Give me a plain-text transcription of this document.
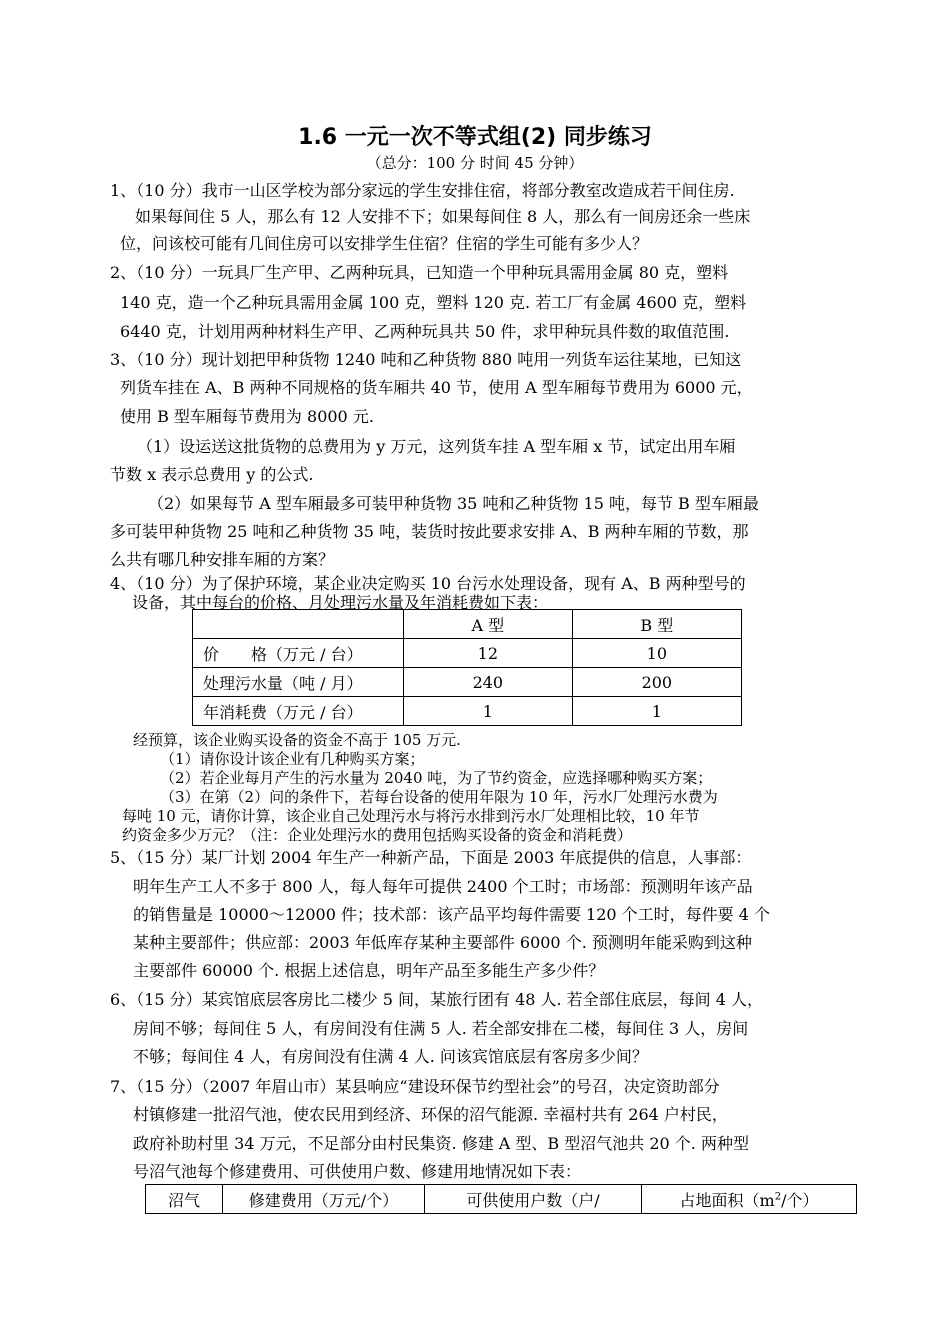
1.6 一元一次不等式组(2) 同步练习
（总分：100 分 时间 45 分钟）
1、（10 分）我市一山区学校为部分家远的学生安排住宿，将部分教室改造成若干间住房.
如果每间住 5 人，那么有 12 人安排不下；如果每间住 8 人，那么有一间房还余一些床
位，问该校可能有几间住房可以安排学生住宿？住宿的学生可能有多少人？
2、（10 分）一玩具厂生产甲、乙两种玩具，已知造一个甲种玩具需用金属 80 克，塑料
140 克，造一个乙种玩具需用金属 100 克，塑料 120 克. 若工厂有金属 4600 克，塑料
6440 克，计划用两种材料生产甲、乙两种玩具共 50 件，求甲种玩具件数的取值范围.
3、（10 分）现计划把甲种货物 1240 吨和乙种货物 880 吨用一列货车运往某地，已知这
列货车挂在 A、B 两种不同规格的货车厢共 40 节，使用 A 型车厢每节费用为 6000 元，
使用 B 型车厢每节费用为 8000 元.
（1）设运送这批货物的总费用为 y 万元，这列货车挂 A 型车厢 x 节，试定出用车厢
节数 x 表示总费用 y 的公式.
（2）如果每节 A 型车厢最多可装甲种货物 35 吨和乙种货物 15 吨，每节 B 型车厢最
多可装甲种货物 25 吨和乙种货物 35 吨，装货时按此要求安排 A、B 两种车厢的节数，那
么共有哪几种安排车厢的方案？
4、（10 分）为了保护环境，某企业决定购买 10 台污水处理设备，现有 A、B 两种型号的
设备，其中每台的价格、月处理污水量及年消耗费如下表：
	A 型	B 型
价　　格（万元 / 台）	12	10
处理污水量（吨 / 月）	240	200
年消耗费（万元 / 台）	1	1
经预算，该企业购买设备的资金不高于 105 万元.
（1）请你设计该企业有几种购买方案；
（2）若企业每月产生的污水量为 2040 吨，为了节约资金，应选择哪种购买方案；
（3）在第（2）问的条件下，若每台设备的使用年限为 10 年，污水厂处理污水费为
每吨 10 元，请你计算，该企业自己处理污水与将污水排到污水厂处理相比较，10 年节
约资金多少万元？（注：企业处理污水的费用包括购买设备的资金和消耗费）
5、（15 分）某厂计划 2004 年生产一种新产品，下面是 2003 年底提供的信息，人事部：
明年生产工人不多于 800 人，每人每年可提供 2400 个工时；市场部：预测明年该产品
的销售量是 10000～12000 件；技术部：该产品平均每件需要 120 个工时，每件要 4 个
某种主要部件；供应部：2003 年低库存某种主要部件 6000 个. 预测明年能采购到这种
主要部件 60000 个. 根据上述信息，明年产品至多能生产多少件？
6、（15 分）某宾馆底层客房比二楼少 5 间，某旅行团有 48 人. 若全部住底层，每间 4 人，
房间不够；每间住 5 人，有房间没有住满 5 人. 若全部安排在二楼，每间住 3 人，房间
不够；每间住 4 人，有房间没有住满 4 人. 问该宾馆底层有客房多少间？
7、（15 分）（2007 年眉山市）某县响应“建设环保节约型社会”的号召，决定资助部分
村镇修建一批沼气池，使农民用到经济、环保的沼气能源. 幸福村共有 264 户村民，
政府补助村里 34 万元，不足部分由村民集资. 修建 A 型、B 型沼气池共 20 个. 两种型
号沼气池每个修建费用、可供使用户数、修建用地情况如下表：
沼气	修建费用（万元/个）	可供使用户数（户/	占地面积（$m^2/$个）
